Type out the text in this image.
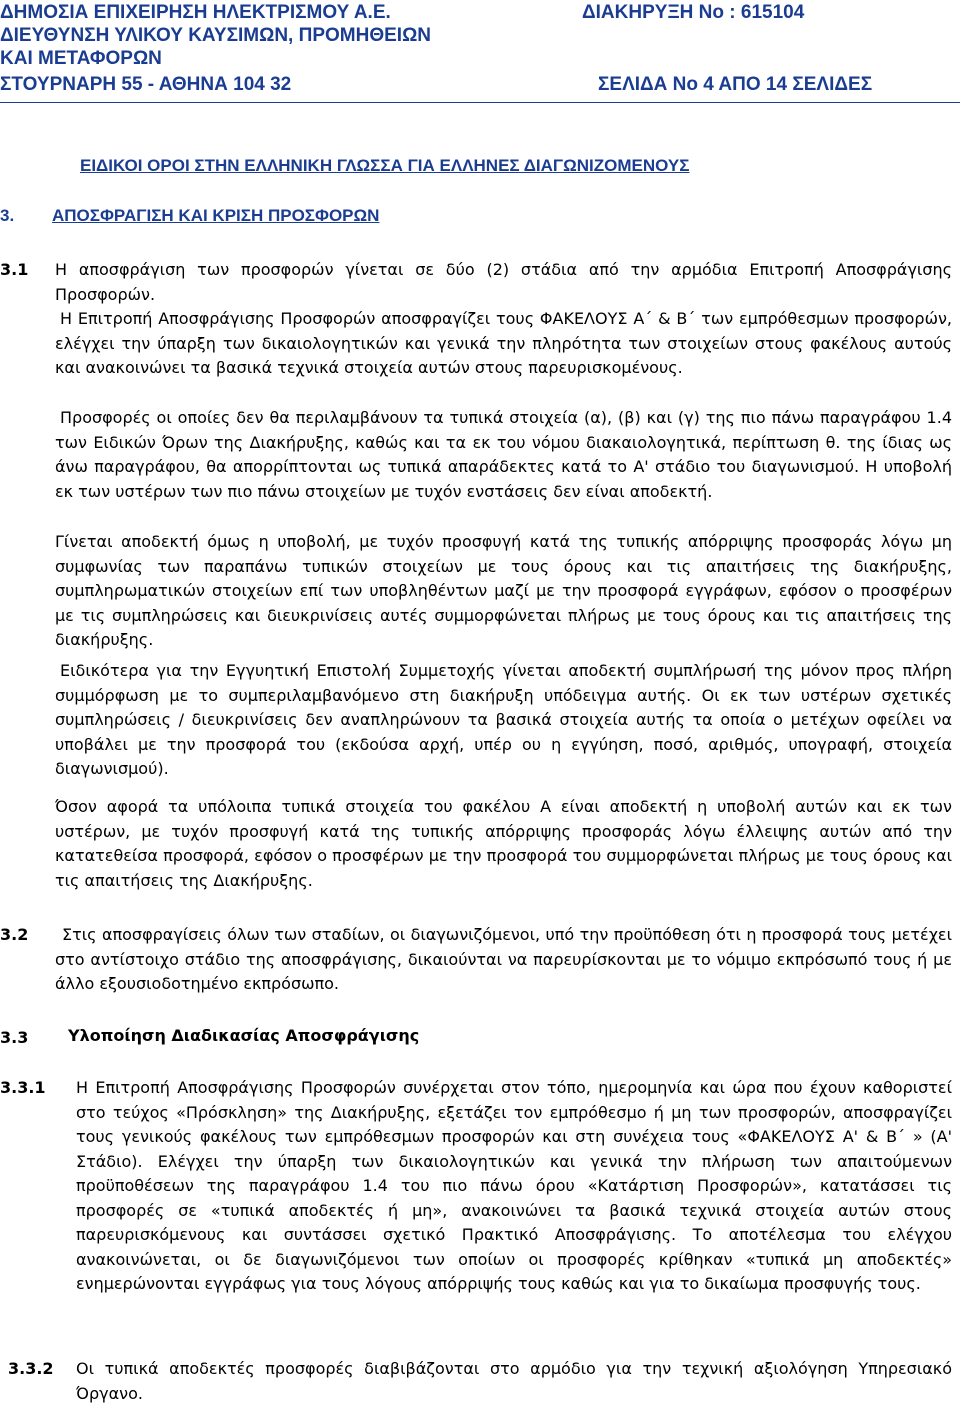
ΔΗΜΟΣΙΑ ΕΠΙΧΕΙΡΗΣΗ ΗΛΕΚΤΡΙΣΜΟΥ Α.Ε.	ΔΙΑΚΗΡΥΞΗ Νο : 615104
ΔΙΕΥΘΥΝΣΗ ΥΛΙΚΟΥ ΚΑΥΣΙΜΩΝ, ΠΡΟΜΗΘΕΙΩΝ
ΚΑΙ ΜΕΤΑΦΟΡΩΝ
ΣΤΟΥΡΝΑΡΗ 55 - ΑΘΗΝΑ 104 32	ΣΕΛΙΔΑ Νο 4 ΑΠΟ 14 ΣΕΛΙΔΕΣ
ΕΙΔΙΚΟΙ ΟΡΟΙ ΣΤΗΝ ΕΛΛΗΝΙΚΗ ΓΛΩΣΣΑ ΓΙΑ ΕΛΛΗΝΕΣ ΔΙΑΓΩΝΙΖΟΜΕΝΟΥΣ
3. ΑΠΟΣΦΡΑΓΙΣΗ ΚΑΙ ΚΡΙΣΗ ΠΡΟΣΦΟΡΩΝ
3.1 Η αποσφράγιση των προσφορών γίνεται σε δύο (2) στάδια από την αρμόδια Επιτροπή Αποσφράγισης Προσφορών.

Η Επιτροπή Αποσφράγισης Προσφορών αποσφραγίζει τους ΦΑΚΕΛΟΥΣ Α΄ & Β΄ των εμπρόθεσμων προσφορών, ελέγχει την ύπαρξη των δικαιολογητικών και γενικά την πληρότητα των στοιχείων στους φακέλους αυτούς και ανακοινώνει τα βασικά τεχνικά στοιχεία αυτών στους παρευρισκομένους.

Προσφορές οι οποίες δεν θα περιλαμβάνουν τα τυπικά στοιχεία (α), (β) και (γ) της πιο πάνω παραγράφου 1.4 των Ειδικών Όρων της Διακήρυξης, καθώς και τα εκ του νόμου διακαιολογητικά, περίπτωση θ. της ίδιας ως άνω παραγράφου, θα απορρίπτονται ως τυπικά απαράδεκτες κατά το Α' στάδιο του διαγωνισμού. Η υποβολή εκ των υστέρων των πιο πάνω στοιχείων με τυχόν ενστάσεις δεν είναι αποδεκτή.

Γίνεται αποδεκτή όμως η υποβολή, με τυχόν προσφυγή κατά της τυπικής απόρριψης προσφοράς λόγω μη συμφωνίας των παραπάνω τυπικών στοιχείων με τους όρους και τις απαιτήσεις της διακήρυξης, συμπληρωματικών στοιχείων επί των υποβληθέντων μαζί με την προσφορά εγγράφων, εφόσον ο προσφέρων με τις συμπληρώσεις και διευκρινίσεις αυτές συμμορφώνεται πλήρως με τους όρους και τις απαιτήσεις της διακήρυξης.

Ειδικότερα για την Εγγυητική Επιστολή Συμμετοχής γίνεται αποδεκτή συμπλήρωσή της μόνον προς πλήρη συμμόρφωση με το συμπεριλαμβανόμενο στη διακήρυξη υπόδειγμα αυτής. Οι εκ των υστέρων σχετικές συμπληρώσεις / διευκρινίσεις δεν αναπληρώνουν τα βασικά στοιχεία αυτής τα οποία ο μετέχων οφείλει να υποβάλει με την προσφορά του (εκδούσα αρχή, υπέρ ου η εγγύηση, ποσό, αριθμός, υπογραφή, στοιχεία διαγωνισμού).

Όσον αφορά τα υπόλοιπα τυπικά στοιχεία του φακέλου Α είναι αποδεκτή η υποβολή αυτών και εκ των υστέρων, με τυχόν προσφυγή κατά της τυπικής απόρριψης προσφοράς λόγω έλλειψης αυτών από την κατατεθείσα προσφορά, εφόσον ο προσφέρων με την προσφορά του συμμορφώνεται πλήρως με τους όρους και τις απαιτήσεις της Διακήρυξης.

3.2	Στις αποσφραγίσεις όλων των σταδίων, οι διαγωνιζόμενοι, υπό την προϋπόθεση ότι η προσφορά τους μετέχει στο αντίστοιχο στάδιο της αποσφράγισης, δικαιούνται να παρευρίσκονται με το νόμιμο εκπρόσωπό τους ή με άλλο εξουσιοδοτημένο εκπρόσωπο.

3.3 Υλοποίηση Διαδικασίας Αποσφράγισης
3.3.1 Η Επιτροπή Αποσφράγισης Προσφορών συνέρχεται στον τόπο, ημερομηνία και ώρα που έχουν καθοριστεί στο τεύχος «Πρόσκληση» της Διακήρυξης, εξετάζει τον εμπρόθεσμο ή μη των προσφορών, αποσφραγίζει τους γενικούς φακέλους των εμπρόθεσμων προσφορών και στη συνέχεια τους «ΦΑΚΕΛΟΥΣ Α' & Β΄ » (Α' Στάδιο). Ελέγχει την ύπαρξη των δικαιολογητικών και γενικά την πλήρωση των απαιτούμενων προϋποθέσεων της παραγράφου 1.4 του πιο πάνω όρου «Κατάρτιση Προσφορών», κατατάσσει τις προσφορές σε «τυπικά αποδεκτές ή μη», ανακοινώνει τα βασικά τεχνικά στοιχεία αυτών στους παρευρισκόμενους και συντάσσει σχετικό Πρακτικό Αποσφράγισης. Το αποτέλεσμα του ελέγχου ανακοινώνεται, οι δε διαγωνιζόμενοι των οποίων οι προσφορές κρίθηκαν «τυπικά μη αποδεκτές» ενημερώνονται εγγράφως για τους λόγους απόρριψής τους καθώς και για το δικαίωμα προσφυγής τους.

3.3.2 Οι τυπικά αποδεκτές προσφορές διαβιβάζονται στο αρμόδιο για την τεχνική αξιολόγηση Υπηρεσιακό Όργανο.
